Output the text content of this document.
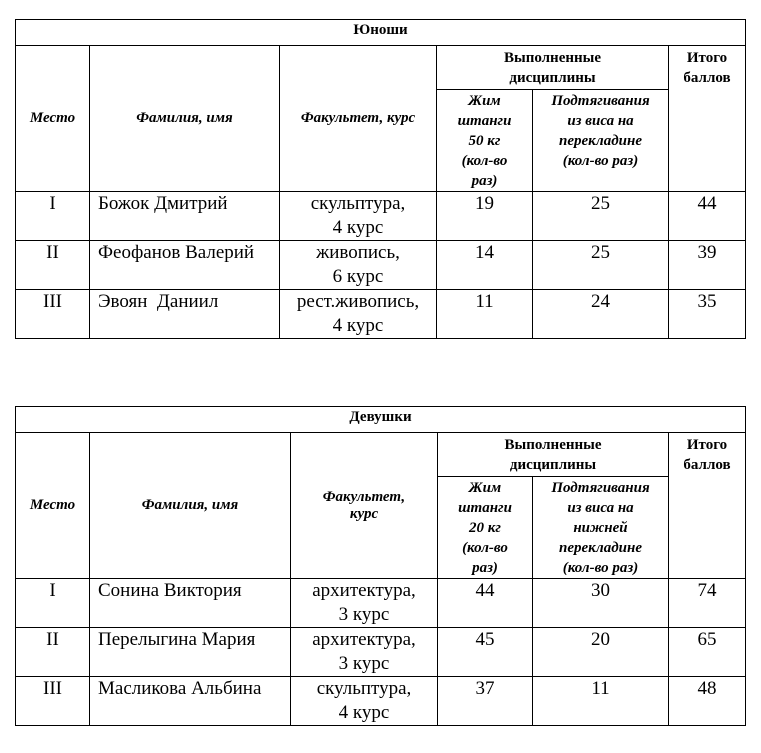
Юноши					
Место	Фамилия, имя	Факультет, курс	Выполненные
дисциплины		Итого
баллов
			Жим
штанги
50 кг
(кол-во
раз)	Подтягивания
из виса на
перекладине
(кол-во раз)	
I	Божок Дмитрий	скульптура,
4 курс	19	25	44
II	Феофанов Валерий	живопись,
6 курс	14	25	39
III	Эвоян  Даниил	рест.живопись,
4 курс	11	24	35
Девушки					
Место	Фамилия, имя	Факультет,
курс	Выполненные
дисциплины		Итого
баллов
			Жим
штанги
20 кг
(кол-во
раз)	Подтягивания
из виса на
нижней
перекладине
(кол-во раз)	
I	Сонина Виктория	архитектура,
3 курс	44	30	74
II	Перелыгина Мария	архитектура,
3 курс	45	20	65
III	Масликова Альбина	скульптура,
4 курс	37	11	48
